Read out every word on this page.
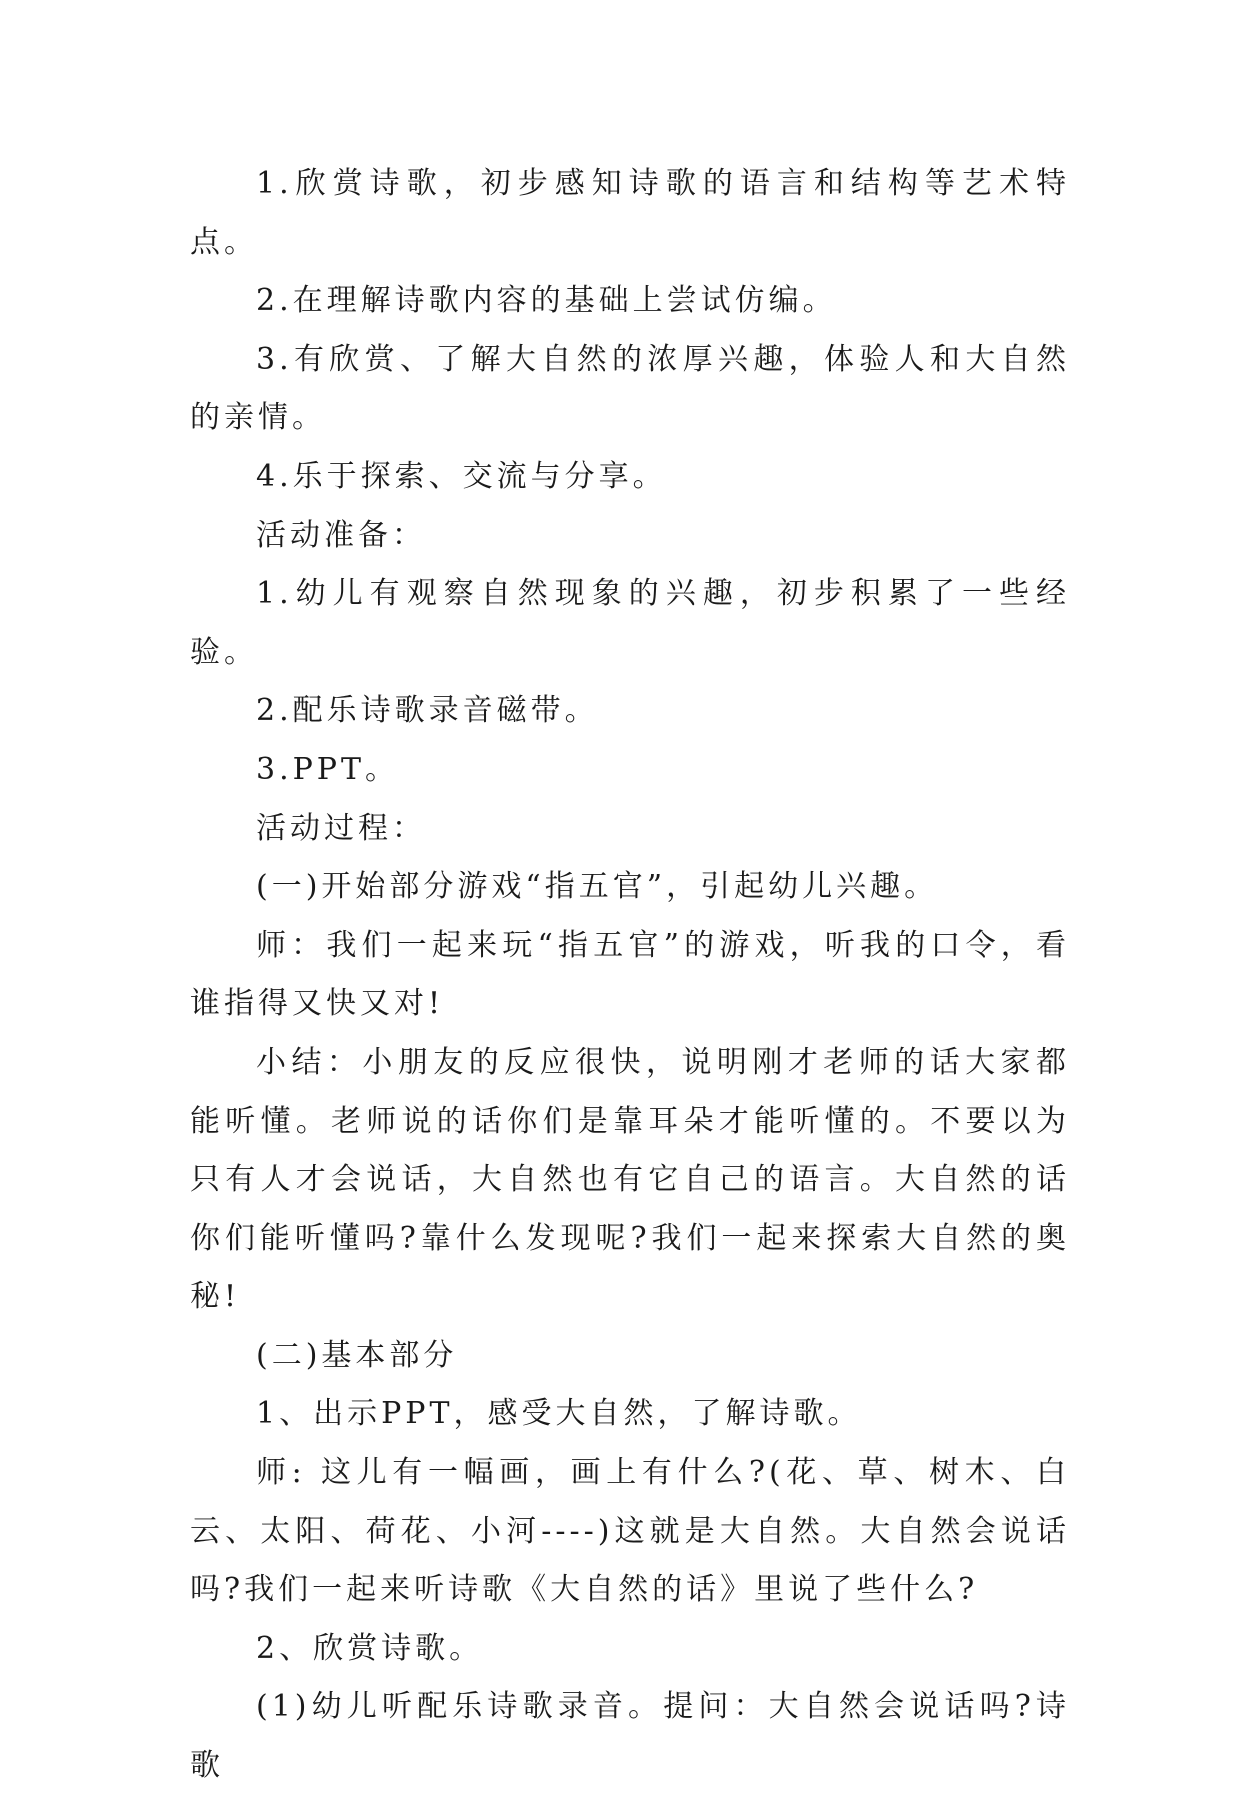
1.欣赏诗歌，初步感知诗歌的语言和结构等艺术特点。

2.在理解诗歌内容的基础上尝试仿编。

3.有欣赏、了解大自然的浓厚兴趣，体验人和大自然的亲情。

4.乐于探索、交流与分享。

活动准备：

1.幼儿有观察自然现象的兴趣，初步积累了一些经验。

2.配乐诗歌录音磁带。

3.PPT。

活动过程：

(一)开始部分游戏“指五官”，引起幼儿兴趣。

师：我们一起来玩“指五官”的游戏，听我的口令，看谁指得又快又对!

小结：小朋友的反应很快，说明刚才老师的话大家都能听懂。老师说的话你们是靠耳朵才能听懂的。不要以为只有人才会说话，大自然也有它自己的语言。大自然的话你们能听懂吗?靠什么发现呢?我们一起来探索大自然的奥秘!

(二)基本部分

1、出示PPT，感受大自然，了解诗歌。

师: 这儿有一幅画，画上有什么?(花、草、树木、白云、太阳、荷花、小河----)这就是大自然。大自然会说话吗?我们一起来听诗歌《大自然的话》里说了些什么?

2、欣赏诗歌。

(1)幼儿听配乐诗歌录音。提问：大自然会说话吗?诗歌
